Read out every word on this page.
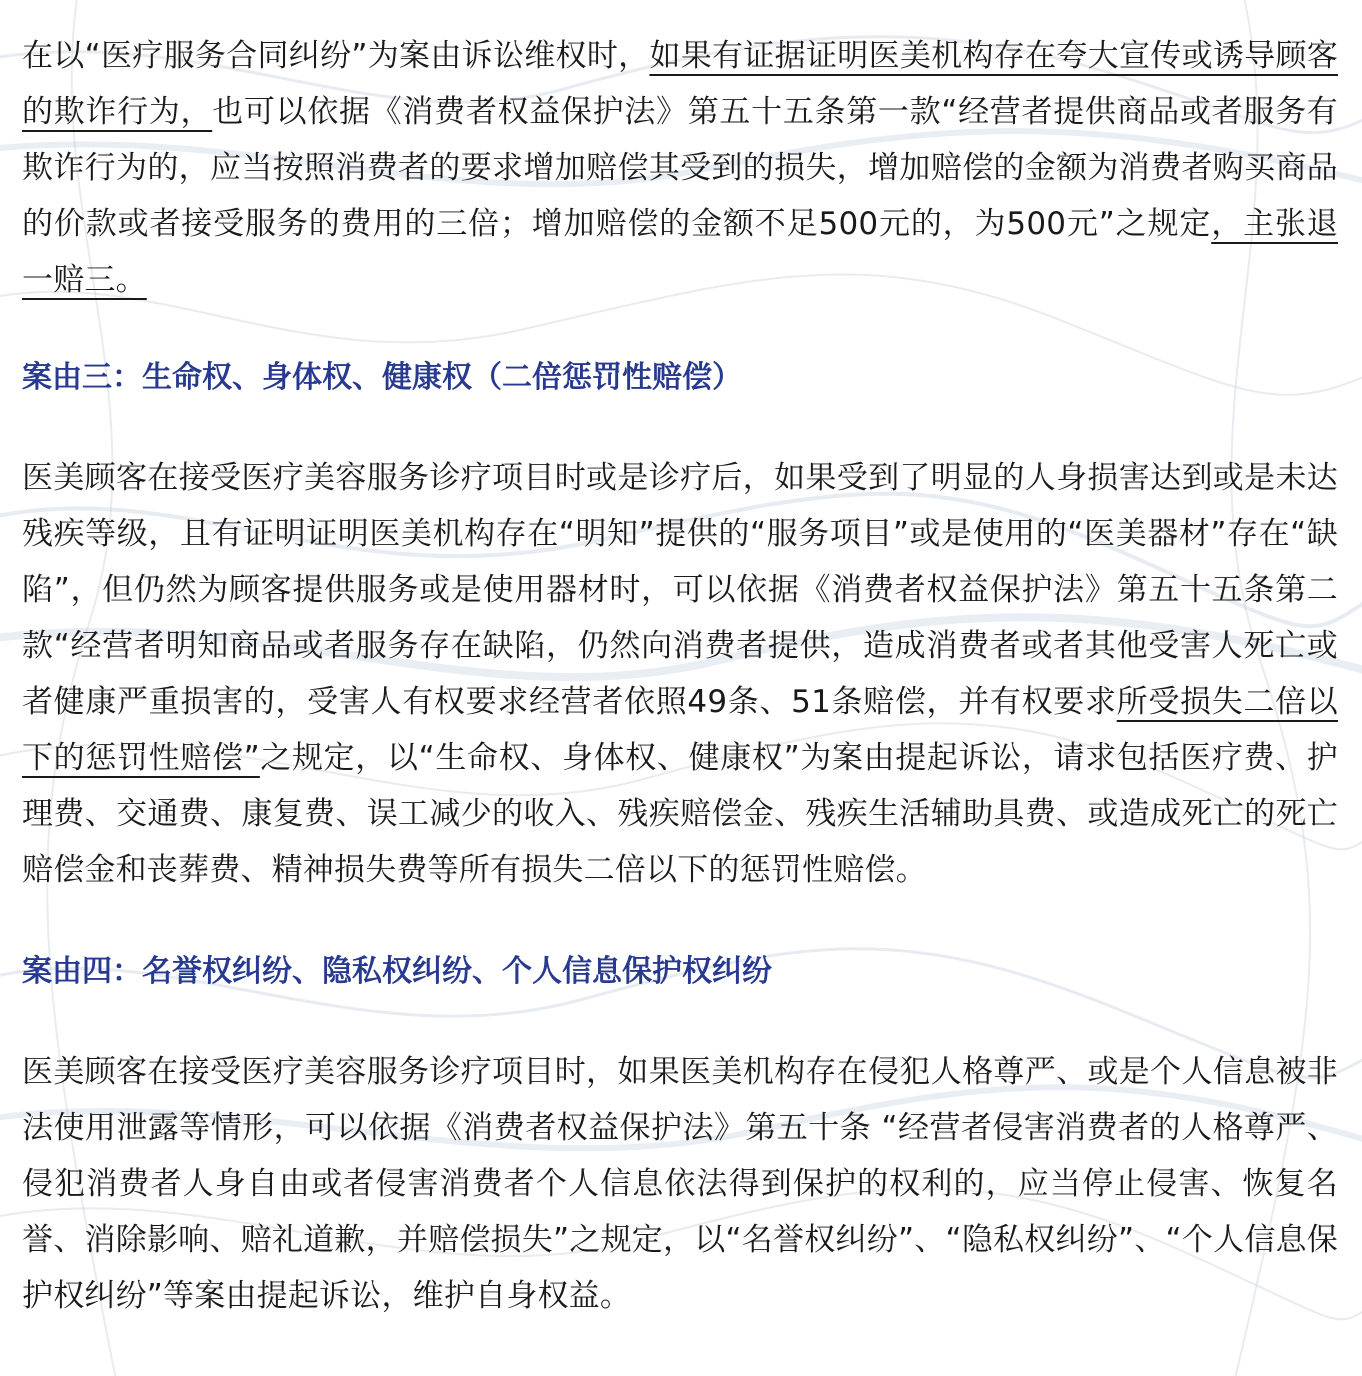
在以“医疗服务合同纠纷”为案由诉讼维权时，如果有证据证明医美机构存在夸大宣传或诱导顾客的欺诈行为，也可以依据《消费者权益保护法》第五十五条第一款“经营者提供商品或者服务有欺诈行为的，应当按照消费者的要求增加赔偿其受到的损失，增加赔偿的金额为消费者购买商品的价款或者接受服务的费用的三倍；增加赔偿的金额不足500元的，为500元”之规定，主张退一赔三。

案由三：生命权、身体权、健康权（二倍惩罚性赔偿）

医美顾客在接受医疗美容服务诊疗项目时或是诊疗后，如果受到了明显的人身损害达到或是未达残疾等级，且有证明证明医美机构存在“明知”提供的“服务项目”或是使用的“医美器材”存在“缺陷”，但仍然为顾客提供服务或是使用器材时，可以依据《消费者权益保护法》第五十五条第二款“经营者明知商品或者服务存在缺陷，仍然向消费者提供，造成消费者或者其他受害人死亡或者健康严重损害的，受害人有权要求经营者依照49条、51条赔偿，并有权要求所受损失二倍以下的惩罚性赔偿”之规定，以“生命权、身体权、健康权”为案由提起诉讼，请求包括医疗费、护理费、交通费、康复费、误工减少的收入、残疾赔偿金、残疾生活辅助具费、或造成死亡的死亡赔偿金和丧葬费、精神损失费等所有损失二倍以下的惩罚性赔偿。

案由四：名誉权纠纷、隐私权纠纷、个人信息保护权纠纷

医美顾客在接受医疗美容服务诊疗项目时，如果医美机构存在侵犯人格尊严、或是个人信息被非法使用泄露等情形，可以依据《消费者权益保护法》第五十条 “经营者侵害消费者的人格尊严、侵犯消费者人身自由或者侵害消费者个人信息依法得到保护的权利的，应当停止侵害、恢复名誉、消除影响、赔礼道歉，并赔偿损失”之规定，以“名誉权纠纷”、“隐私权纠纷”、“个人信息保护权纠纷”等案由提起诉讼，维护自身权益。
